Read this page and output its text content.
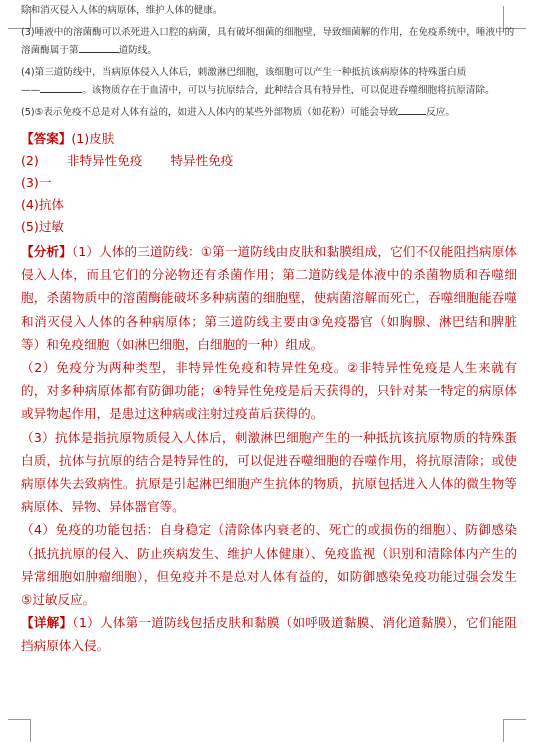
除和消灭侵入人体的病原体，维护人体的健康。

(3)唾液中的溶菌酶可以杀死进入口腔的病菌，具有破坏细菌的细胞壁，导致细菌解的作用，在免疫系统中，唾液中的溶菌酶属于第	道防线。

(4)第三道防线中，当病原体侵入人体后，刺激淋巴细胞，该细胞可以产生一种抵抗该病原体的特殊蛋白质
——	。该物质存在于血清中，可以与抗原结合，此种结合具有特异性，可以促进吞噬细胞将抗原清除。

(5)⑤表示免疫不总是对人体有益的，如进入人体内的某些外部物质（如花粉）可能会导致	反应。

【答案】(1)皮肤

(2) 非特异性免疫 特异性免疫

(3)一

(4)抗体

(5)过敏

【分析】（1）人体的三道防线：①第一道防线由皮肤和黏膜组成，它们不仅能阻挡病原体侵入人体，而且它们的分泌物还有杀菌作用；第二道防线是体液中的杀菌物质和吞噬细胞，杀菌物质中的溶菌酶能破坏多种病菌的细胞壁，使病菌溶解而死亡，吞噬细胞能吞噬和消灭侵入人体的各种病原体；第三道防线主要由③免疫器官（如胸腺、淋巴结和脾脏等）和免疫细胞（如淋巴细胞，白细胞的一种）组成。

（2）免疫分为两种类型，非特异性免疫和特异性免疫。②非特异性免疫是人生来就有的，对多种病原体都有防御功能；④特异性免疫是后天获得的，只针对某一特定的病原体或异物起作用，是患过这种病或注射过疫苗后获得的。

（3）抗体是指抗原物质侵入人体后，刺激淋巴细胞产生的一种抵抗该抗原物质的特殊蛋白质，抗体与抗原的结合是特异性的，可以促进吞噬细胞的吞噬作用，将抗原清除；或使病原体失去致病性。抗原是引起淋巴细胞产生抗体的物质，抗原包括进入人体的微生物等病原体、异物、异体器官等。

（4）免疫的功能包括：自身稳定（清除体内衰老的、死亡的或损伤的细胞）、防御感染（抵抗抗原的侵入、防止疾病发生、维护人体健康）、免疫监视（识别和清除体内产生的异常细胞如肿瘤细胞），但免疫并不是总对人体有益的，如防御感染免疫功能过强会发生⑤过敏反应。

【详解】（1）人体第一道防线包括皮肤和黏膜（如呼吸道黏膜、消化道黏膜），它们能阻挡病原体入侵。
